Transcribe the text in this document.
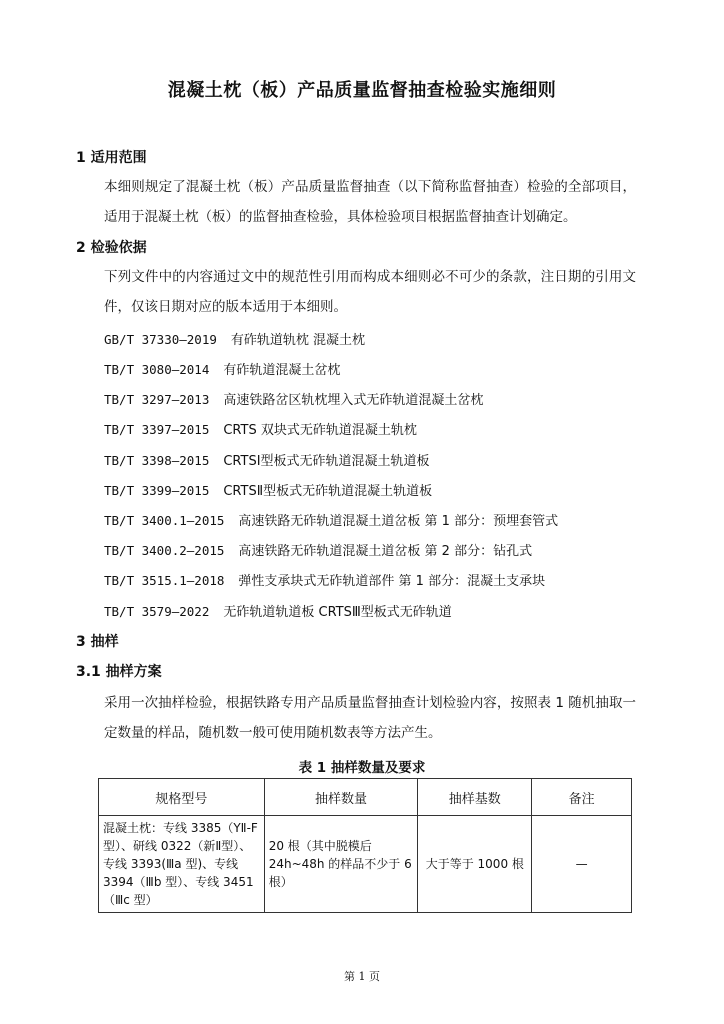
混凝土枕（板）产品质量监督抽查检验实施细则
1 适用范围
本细则规定了混凝土枕（板）产品质量监督抽查（以下简称监督抽查）检验的全部项目，适用于混凝土枕（板）的监督抽查检验，具体检验项目根据监督抽查计划确定。
2 检验依据
下列文件中的内容通过文中的规范性引用而构成本细则必不可少的条款，注日期的引用文件，仅该日期对应的版本适用于本细则。
GB/T 37330—2019 有砟轨道轨枕 混凝土枕
TB/T 3080—2014 有砟轨道混凝土岔枕
TB/T 3297—2013 高速铁路岔区轨枕埋入式无砟轨道混凝土岔枕
TB/T 3397—2015 CRTS 双块式无砟轨道混凝土轨枕
TB/T 3398—2015 CRTSⅠ型板式无砟轨道混凝土轨道板
TB/T 3399—2015 CRTSⅡ型板式无砟轨道混凝土轨道板
TB/T 3400.1—2015 高速铁路无砟轨道混凝土道岔板 第 1 部分：预埋套管式
TB/T 3400.2—2015 高速铁路无砟轨道混凝土道岔板 第 2 部分：钻孔式
TB/T 3515.1—2018 弹性支承块式无砟轨道部件 第 1 部分：混凝土支承块
TB/T 3579—2022 无砟轨道轨道板 CRTSⅢ型板式无砟轨道
3 抽样
3.1 抽样方案
采用一次抽样检验，根据铁路专用产品质量监督抽查计划检验内容，按照表 1 随机抽取一定数量的样品，随机数一般可使用随机数表等方法产生。
表 1 抽样数量及要求
规格型号	抽样数量	抽样基数	备注
混凝土枕：专线 3385（YⅡ-F 型）、研线 0322（新Ⅱ型）、专线 3393(Ⅲa 型)、专线 3394（Ⅲb 型）、专线 3451（Ⅲc 型）	20 根（其中脱模后 24h~48h 的样品不少于 6 根）	大于等于 1000 根	—
第 1 页
